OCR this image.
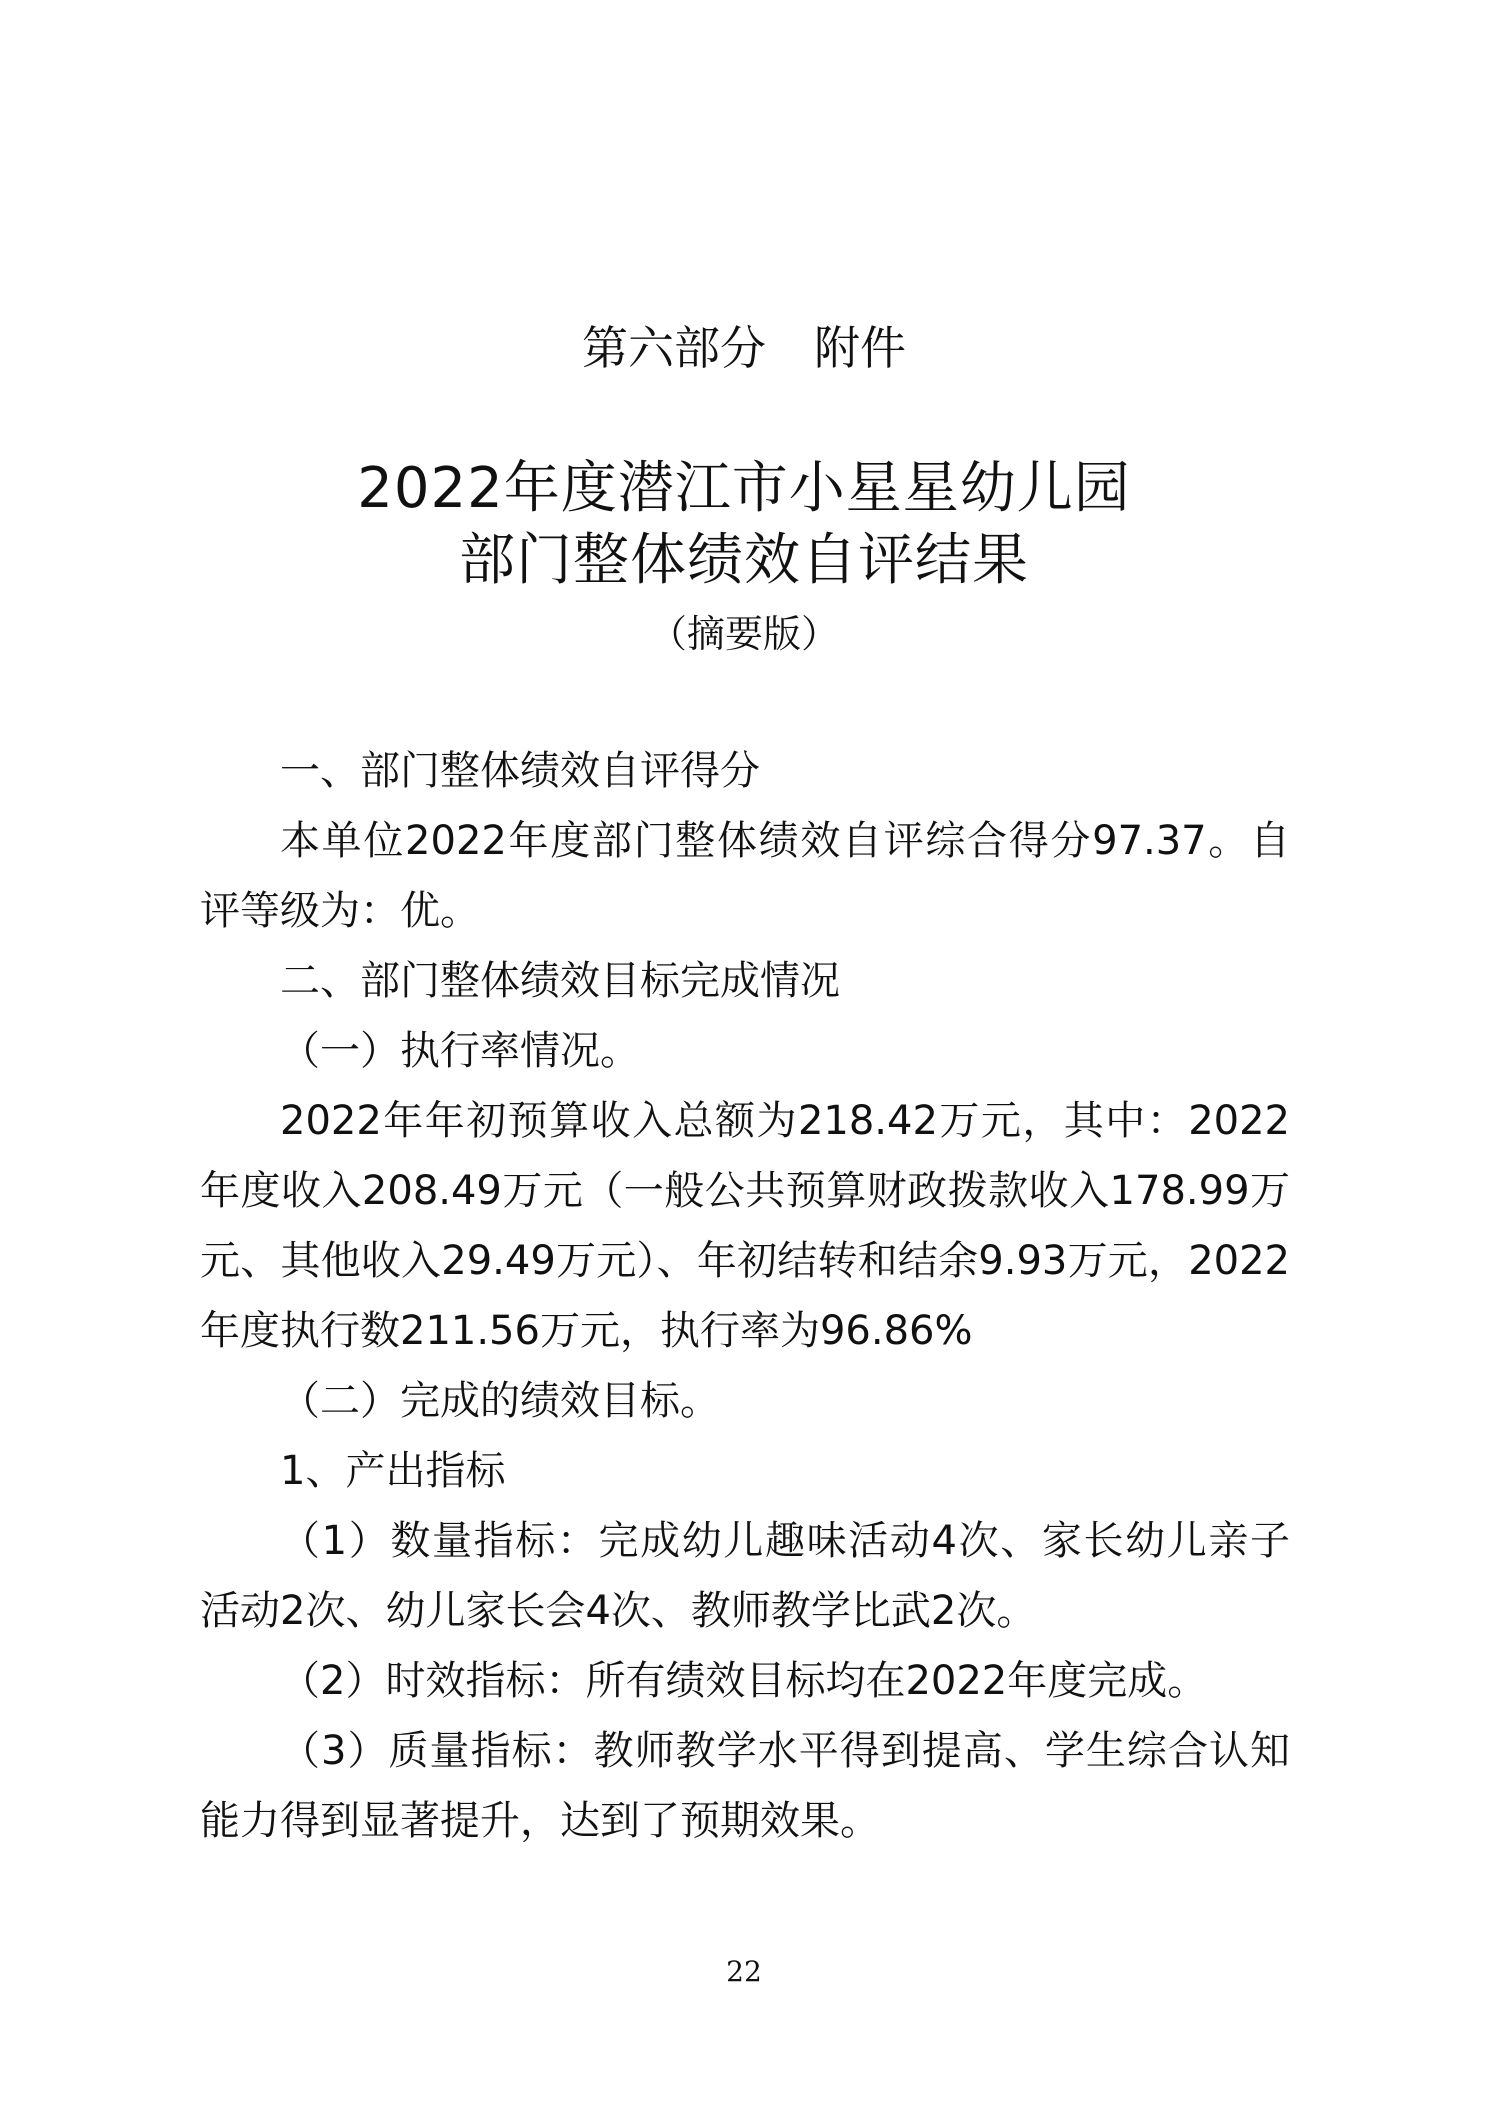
第六部分 附件
2022年度潜江市小星星幼儿园
部门整体绩效自评结果
（摘要版）

一、部门整体绩效自评得分

本单位2022年度部门整体绩效自评综合得分97.37。自评等级为：优。

二、部门整体绩效目标完成情况

（一）执行率情况。

2022年年初预算收入总额为218.42万元，其中：2022年度收入208.49万元（一般公共预算财政拨款收入178.99万元、其他收入29.49万元）、年初结转和结余9.93万元，2022年度执行数211.56万元，执行率为96.86%

（二）完成的绩效目标。

1、产出指标

（1）数量指标：完成幼儿趣味活动4次、家长幼儿亲子活动2次、幼儿家长会4次、教师教学比武2次。

（2）时效指标：所有绩效目标均在2022年度完成。

（3）质量指标：教师教学水平得到提高、学生综合认知能力得到显著提升，达到了预期效果。

22
